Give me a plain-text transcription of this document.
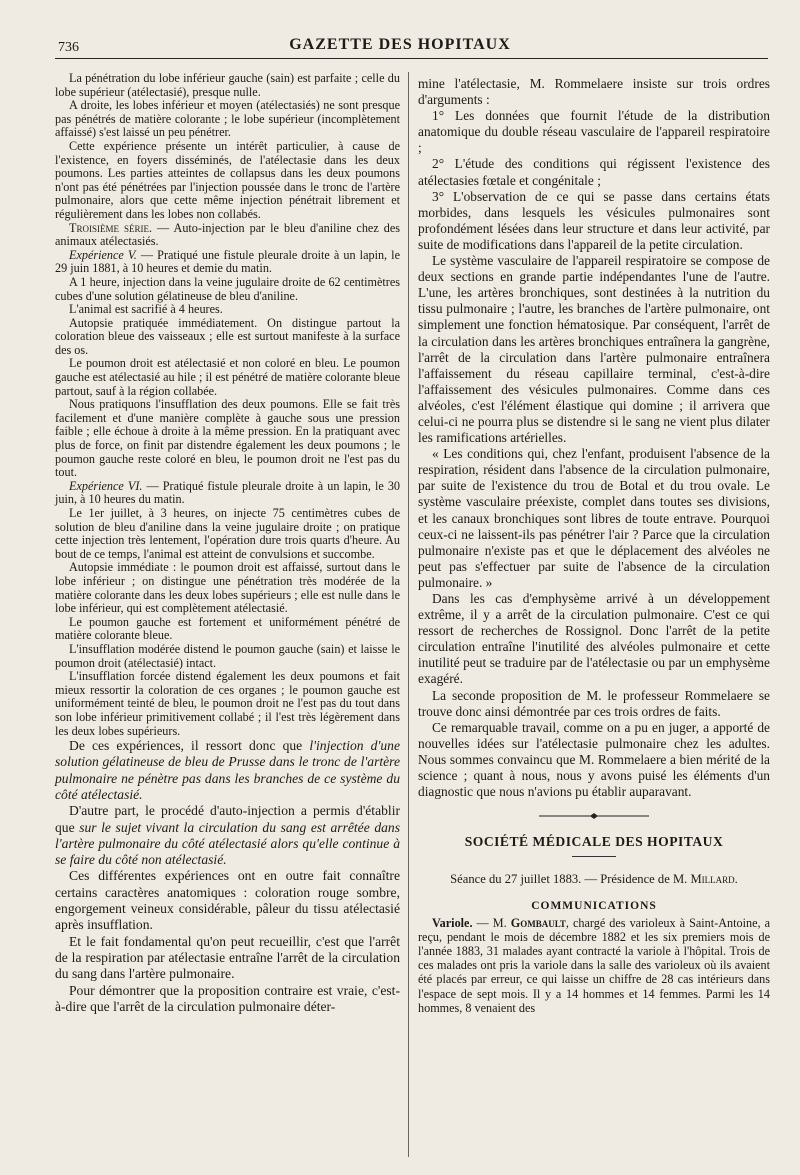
736	GAZETTE DES HOPITAUX

La pénétration du lobe inférieur gauche (sain) est parfaite ; celle du lobe supérieur (atélectasié), presque nulle.

A droite, les lobes inférieur et moyen (atélectasiés) ne sont presque pas pénétrés de matière colorante ; le lobe supérieur (incomplètement affaissé) s'est laissé un peu pénétrer.

Cette expérience présente un intérêt particulier, à cause de l'existence, en foyers disséminés, de l'atélectasie dans les deux poumons. Les parties atteintes de collapsus dans les deux poumons n'ont pas été pénétrées par l'injection poussée dans le tronc de l'artère pulmonaire, alors que cette même injection pénétrait librement et régulièrement dans les lobes non collabés.

Troisième série. — Auto-injection par le bleu d'aniline chez des animaux atélectasiés.

Expérience V. — Pratiqué une fistule pleurale droite à un lapin, le 29 juin 1881, à 10 heures et demie du matin.

A 1 heure, injection dans la veine jugulaire droite de 62 centimètres cubes d'une solution gélatineuse de bleu d'aniline.

L'animal est sacrifié à 4 heures.

Autopsie pratiquée immédiatement. On distingue partout la coloration bleue des vaisseaux ; elle est surtout manifeste à la surface des os.

Le poumon droit est atélectasié et non coloré en bleu. Le poumon gauche est atélectasié au hile ; il est pénétré de matière colorante bleue partout, sauf à la région collabée.

Nous pratiquons l'insufflation des deux poumons. Elle se fait très facilement et d'une manière complète à gauche sous une pression faible ; elle échoue à droite à la même pression. En la pratiquant avec plus de force, on finit par distendre également les deux poumons ; le poumon gauche reste coloré en bleu, le poumon droit ne l'est pas du tout.

Expérience VI. — Pratiqué fistule pleurale droite à un lapin, le 30 juin, à 10 heures du matin.

Le 1er juillet, à 3 heures, on injecte 75 centimètres cubes de solution de bleu d'aniline dans la veine jugulaire droite ; on pratique cette injection très lentement, l'opération dure trois quarts d'heure. Au bout de ce temps, l'animal est atteint de convulsions et succombe.

Autopsie immédiate : le poumon droit est affaissé, surtout dans le lobe inférieur ; on distingue une pénétration très modérée de la matière colorante dans les deux lobes supérieurs ; elle est nulle dans le lobe inférieur, qui est complètement atélectasié.

Le poumon gauche est fortement et uniformément pénétré de matière colorante bleue.

L'insufflation modérée distend le poumon gauche (sain) et laisse le poumon droit (atélectasié) intact.

L'insufflation forcée distend également les deux poumons et fait mieux ressortir la coloration de ces organes ; le poumon gauche est uniformément teinté de bleu, le poumon droit ne l'est pas du tout dans son lobe inférieur primitivement collabé ; il l'est très légèrement dans les deux lobes supérieurs.

De ces expériences, il ressort donc que l'injection d'une solution gélatineuse de bleu de Prusse dans le tronc de l'artère pulmonaire ne pénètre pas dans les branches de ce système du côté atélectasié.

D'autre part, le procédé d'auto-injection a permis d'établir que sur le sujet vivant la circulation du sang est arrêtée dans l'artère pulmonaire du côté atélectasié alors qu'elle continue à se faire du côté non atélectasié.

Ces différentes expériences ont en outre fait connaître certains caractères anatomiques : coloration rouge sombre, engorgement veineux considérable, pâleur du tissu atélectasié après insufflation.

Et le fait fondamental qu'on peut recueillir, c'est que l'arrêt de la respiration par atélectasie entraîne l'arrêt de la circulation du sang dans l'artère pulmonaire.

Pour démontrer que la proposition contraire est vraie, c'est-à-dire que l'arrêt de la circulation pulmonaire déter-

mine l'atélectasie, M. Rommelaere insiste sur trois ordres d'arguments :

1° Les données que fournit l'étude de la distribution anatomique du double réseau vasculaire de l'appareil respiratoire ;

2° L'étude des conditions qui régissent l'existence des atélectasies fœtale et congénitale ;

3° L'observation de ce qui se passe dans certains états morbides, dans lesquels les vésicules pulmonaires sont profondément lésées dans leur structure et dans leur activité, par suite de modifications dans l'appareil de la petite circulation.

Le système vasculaire de l'appareil respiratoire se compose de deux sections en grande partie indépendantes l'une de l'autre. L'une, les artères bronchiques, sont destinées à la nutrition du tissu pulmonaire ; l'autre, les branches de l'artère pulmonaire, ont simplement une fonction hématosique. Par conséquent, l'arrêt de la circulation dans les artères bronchiques entraînera la gangrène, l'arrêt de la circulation dans l'artère pulmonaire entraînera l'affaissement du réseau capillaire terminal, c'est-à-dire l'affaissement des vésicules pulmonaires. Comme dans ces alvéoles, c'est l'élément élastique qui domine ; il arrivera que celui-ci ne pourra plus se distendre si le sang ne vient plus dilater les ramifications artérielles.

« Les conditions qui, chez l'enfant, produisent l'absence de la respiration, résident dans l'absence de la circulation pulmonaire, par suite de l'existence du trou de Botal et du trou ovale. Le système vasculaire préexiste, complet dans toutes ses divisions, et les canaux bronchiques sont libres de toute entrave. Pourquoi ceux-ci ne laissent-ils pas pénétrer l'air ? Parce que la circulation pulmonaire n'existe pas et que le déplacement des alvéoles ne peut pas s'effectuer par suite de l'absence de la circulation pulmonaire. »

Dans les cas d'emphysème arrivé à un développement extrême, il y a arrêt de la circulation pulmonaire. C'est ce qui ressort de recherches de Rossignol. Donc l'arrêt de la petite circulation entraîne l'inutilité des alvéoles pulmonaire et cette inutilité peut se traduire par de l'atélectasie ou par un emphysème exagéré.

La seconde proposition de M. le professeur Rommelaere se trouve donc ainsi démontrée par ces trois ordres de faits.

Ce remarquable travail, comme on a pu en juger, a apporté de nouvelles idées sur l'atélectasie pulmonaire chez les adultes. Nous sommes convaincu que M. Rommelaere a bien mérité de la science ; quant à nous, nous y avons puisé les éléments d'un diagnostic que nous n'avions pu établir auparavant.

SOCIÉTÉ MÉDICALE DES HOPITAUX

Séance du 27 juillet 1883. — Présidence de M. Millard.

COMMUNICATIONS

Variole. — M. Gombault, chargé des varioleux à Saint-Antoine, a reçu, pendant le mois de décembre 1882 et les six premiers mois de l'année 1883, 31 malades ayant contracté la variole à l'hôpital. Trois de ces malades ont pris la variole dans la salle des varioleux où ils avaient été placés par erreur, ce qui laisse un chiffre de 28 cas intérieurs dans l'espace de sept mois. Il y a 14 hommes et 14 femmes. Parmi les 14 hommes, 8 venaient des
